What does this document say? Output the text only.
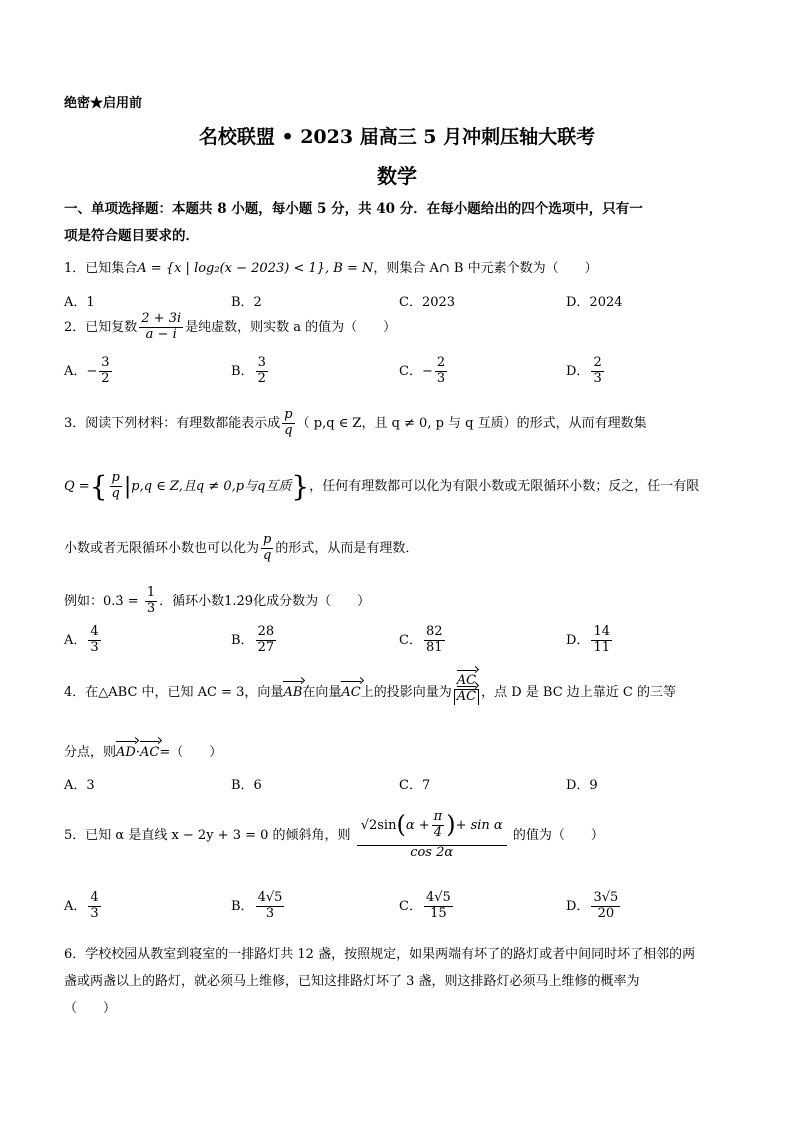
绝密★启用前
名校联盟 • 2023 届高三 5 月冲刺压轴大联考
数学
一、单项选择题：本题共 8 小题，每小题 5 分，共 40 分．在每小题给出的四个选项中，只有一
项是符合题目要求的．
1．已知集合A = {x | log₂(x − 2023) < 1}, B = N，则集合 A∩ B 中元素个数为（　　）
A．1	B．2	C．2023	D．2024
2．已知复数 $\frac{2 + 3i}{a - i}$ 是纯虚数，则实数 a 的值为（　　）
A．− $\frac{3}{2}$	B． $\frac{3}{2}$	C．− $\frac{2}{3}$	D． $\frac{2}{3}$
3．阅读下列材料：有理数都能表示成 $\frac{p}{q}$ （ p,q ∈ Z，且 q ≠ 0, p 与 q 互质）的形式，从而有理数集
Q ={ $\frac{p}{q} |p,q$ ∈ Z,且q ≠ 0,p与q互质}，任何有理数都可以化为有限小数或无限循环小数；反之，任一有限
小数或者无限循环小数也可以化为 $\frac{p}{q}$ 的形式，从而是有理数．
例如：0.3̇ = $\frac{1}{3}$ ．循环小数1.2̇9̇化成分数为（　　）
A． $\frac{4}{3}$	B． $\frac{28}{27}$	C． $\frac{82}{81}$	D． $\frac{14}{11}$
4．在△ABC 中，已知 AC = 3，向量AB在向量AC上的投影向量为 $\frac{AC}{AC}$ ，点 D 是 BC 边上靠近 C 的三等
分点，则AD·AC=（　　）
A．3	B．6	C．7	D．9
5．已知 α 是直线 x − 2y + 3 = 0 的倾斜角，则 $\frac{√2\sin(\alpha + \frac{\pi}{4} )+ \sin \alpha}{\cos 2\alpha}$ 的值为（　　）
A． $\frac{4}{3}$	B． $\frac{4√5}{3}$	C． $\frac{4√5}{15}$	D． $\frac{3√5}{20}$
6．学校校园从教室到寝室的一排路灯共 12 盏，按照规定，如果两端有坏了的路灯或者中间同时坏了相邻的两
盏或两盏以上的路灯，就必须马上维修，已知这排路灯坏了 3 盏，则这排路灯必须马上维修的概率为
（　　）
